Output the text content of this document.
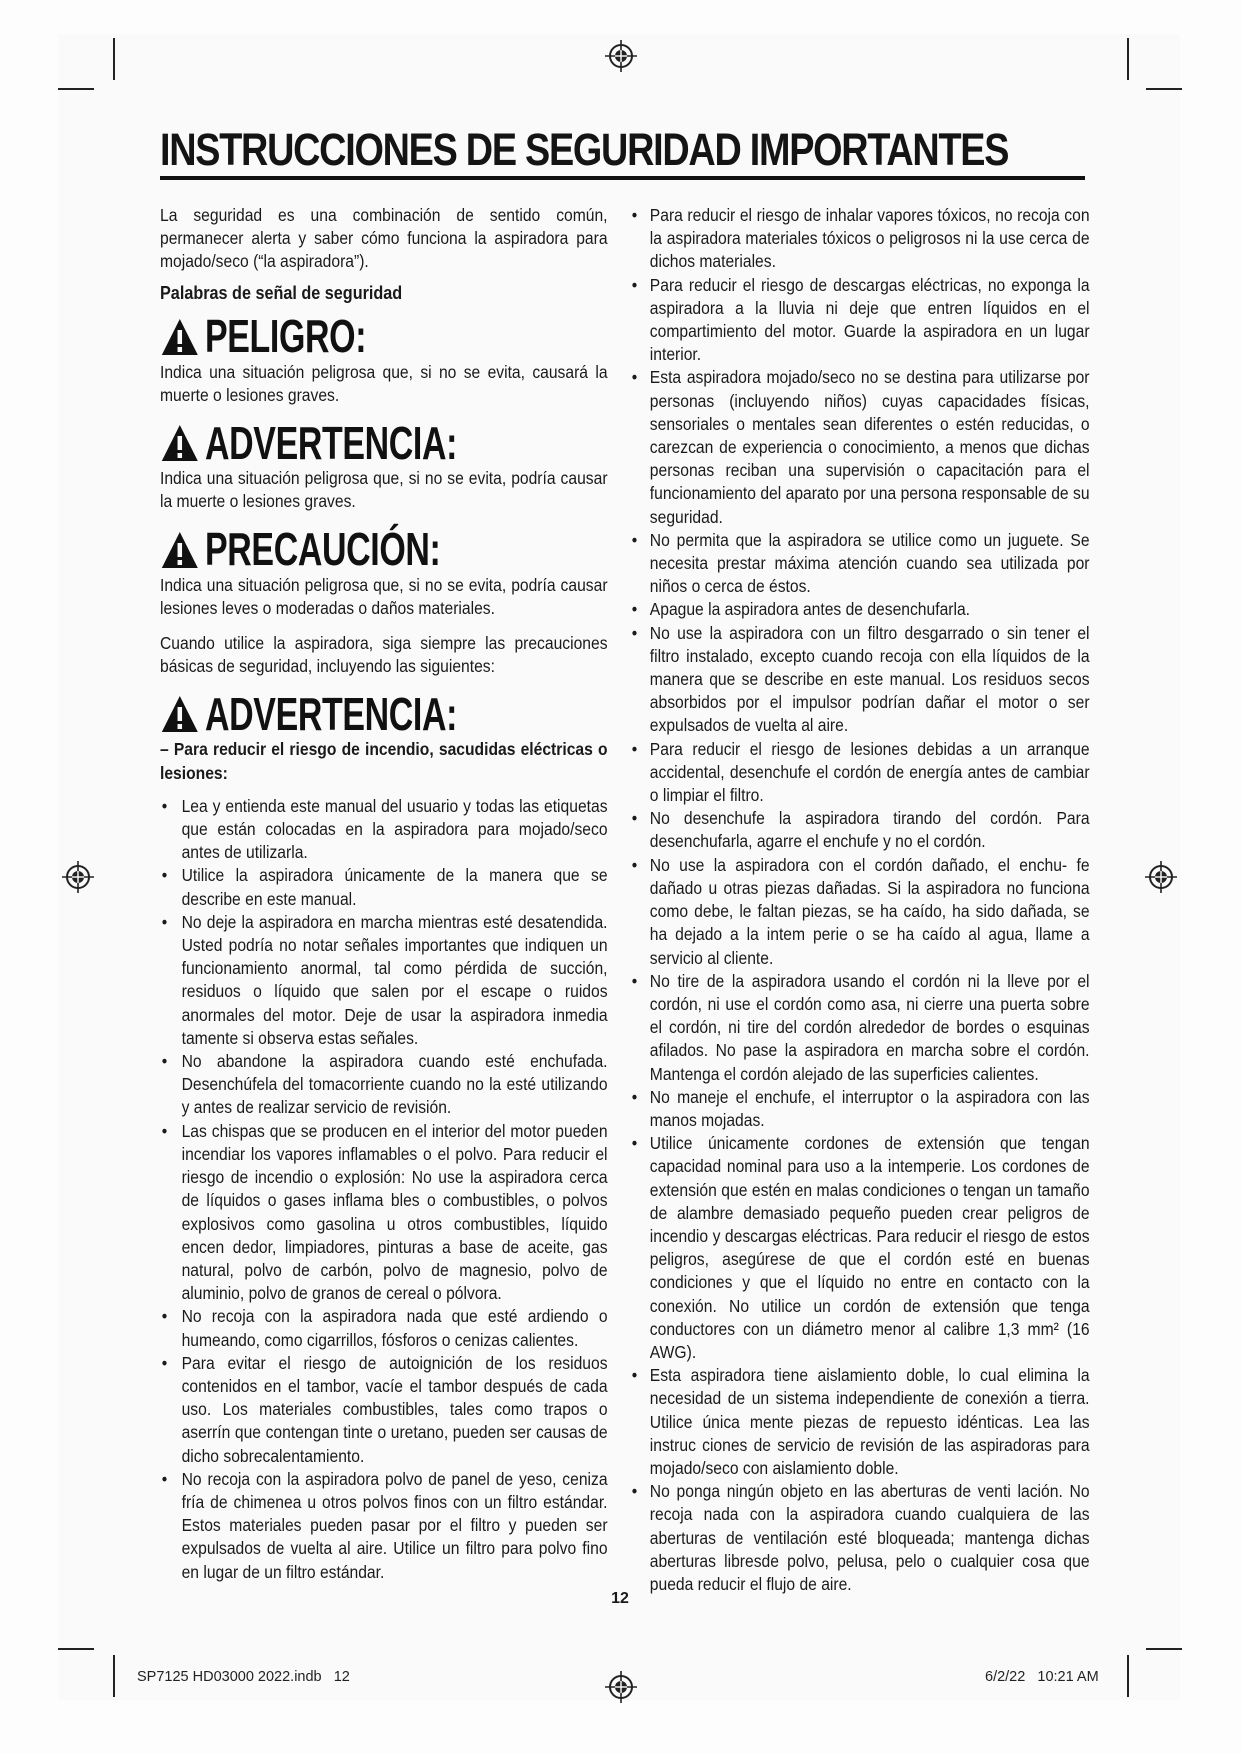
INSTRUCCIONES DE SEGURIDAD IMPORTANTES

La seguridad es una combinación de sentido común, permanecer alerta y saber cómo funciona la aspiradora para mojado/seco (“la aspiradora”).

Palabras de señal de seguridad
PELIGRO:

Indica una situación peligrosa que, si no se evita, causará la muerte o lesiones graves.

ADVERTENCIA:

Indica una situación peligrosa que, si no se evita, podría causar la muerte o lesiones graves.

PRECAUCIÓN:

Indica una situación peligrosa que, si no se evita, podría causar lesiones leves o moderadas o daños materiales.

Cuando utilice la aspiradora, siga siempre las precauciones básicas de seguridad, incluyendo las siguientes:

ADVERTENCIA:

– Para reducir el riesgo de incendio, sacudidas eléctricas o lesiones:

• Lea y entienda este manual del usuario y todas las etiquetas que están colocadas en la aspiradora para mojado/seco antes de utilizarla.
• Utilice la aspiradora únicamente de la manera que se describe en este manual.
• No deje la aspiradora en marcha mientras esté desatendida. Usted podría no notar señales importantes que indiquen un funcionamiento anormal, tal como pérdida de succión, residuos o líquido que salen por el escape o ruidos anormales del motor. Deje de usar la aspiradora inmedia tamente si observa estas señales.
• No abandone la aspiradora cuando esté enchufada. Desenchúfela del tomacorriente cuando no la esté utilizando y antes de realizar servicio de revisión.
• Las chispas que se producen en el interior del motor pueden incendiar los vapores inflamables o el polvo. Para reducir el riesgo de incendio o explosión: No use la aspiradora cerca de líquidos o gases inflama bles o combustibles, o polvos explosivos como gasolina u otros combustibles, líquido encen dedor, limpiadores, pinturas a base de aceite, gas natural, polvo de carbón, polvo de magnesio, polvo de aluminio, polvo de granos de cereal o pólvora.
• No recoja con la aspiradora nada que esté ardiendo o humeando, como cigarrillos, fósforos o cenizas calientes.
• Para evitar el riesgo de autoignición de los residuos contenidos en el tambor, vacíe el tambor después de cada uso. Los materiales combustibles, tales como trapos o aserrín que contengan tinte o uretano, pueden ser causas de dicho sobrecalentamiento.
• No recoja con la aspiradora polvo de panel de yeso, ceniza fría de chimenea u otros polvos finos con un filtro estándar. Estos materiales pueden pasar por el filtro y pueden ser expulsados de vuelta al aire. Utilice un filtro para polvo fino en lugar de un filtro estándar.
• Para reducir el riesgo de inhalar vapores tóxicos, no recoja con la aspiradora materiales tóxicos o peligrosos ni la use cerca de dichos materiales.
• Para reducir el riesgo de descargas eléctricas, no exponga la aspiradora a la lluvia ni deje que entren líquidos en el compartimiento del motor. Guarde la aspiradora en un lugar interior.
• Esta aspiradora mojado/seco no se destina para utilizarse por personas (incluyendo niños) cuyas capacidades físicas, sensoriales o mentales sean diferentes o estén reducidas, o carezcan de experiencia o conocimiento, a menos que dichas personas reciban una supervisión o capacitación para el funcionamiento del aparato por una persona responsable de su seguridad.
• No permita que la aspiradora se utilice como un juguete. Se necesita prestar máxima atención cuando sea utilizada por niños o cerca de éstos.
• Apague la aspiradora antes de desenchufarla.
• No use la aspiradora con un filtro desgarrado o sin tener el filtro instalado, excepto cuando recoja con ella líquidos de la manera que se describe en este manual. Los residuos secos absorbidos por el impulsor podrían dañar el motor o ser expulsados de vuelta al aire.
• Para reducir el riesgo de lesiones debidas a un arranque accidental, desenchufe el cordón de energía antes de cambiar o limpiar el filtro.
• No desenchufe la aspiradora tirando del cordón. Para desenchufarla, agarre el enchufe y no el cordón.
• No use la aspiradora con el cordón dañado, el enchu- fe dañado u otras piezas dañadas. Si la aspiradora no funciona como debe, le faltan piezas, se ha caído, ha sido dañada, se ha dejado a la intem perie o se ha caído al agua, llame a servicio al cliente.
• No tire de la aspiradora usando el cordón ni la lleve por el cordón, ni use el cordón como asa, ni cierre una puerta sobre el cordón, ni tire del cordón alrededor de bordes o esquinas afilados. No pase la aspiradora en marcha sobre el cordón. Mantenga el cordón alejado de las superficies calientes.
• No maneje el enchufe, el interruptor o la aspiradora con las manos mojadas.
• Utilice únicamente cordones de extensión que tengan capacidad nominal para uso a la intemperie. Los cordones de extensión que estén en malas condiciones o tengan un tamaño de alambre demasiado pequeño pueden crear peligros de incendio y descargas eléctricas. Para reducir el riesgo de estos peligros, asegúrese de que el cordón esté en buenas condiciones y que el líquido no entre en contacto con la conexión. No utilice un cordón de extensión que tenga conductores con un diámetro menor al calibre 1,3 mm² (16 AWG).
• Esta aspiradora tiene aislamiento doble, lo cual elimina la necesidad de un sistema independiente de conexión a tierra. Utilice única mente piezas de repuesto idénticas. Lea las instruc ciones de servicio de revisión de las aspiradoras para mojado/seco con aislamiento doble.
• No ponga ningún objeto en las aberturas de venti lación. No recoja nada con la aspiradora cuando cualquiera de las aberturas de ventilación esté bloqueada; mantenga dichas aberturas libresde polvo, pelusa, pelo o cualquier cosa que pueda reducir el flujo de aire.
12
SP7125 HD03000 2022.indb   12	6/2/22   10:21 AM
